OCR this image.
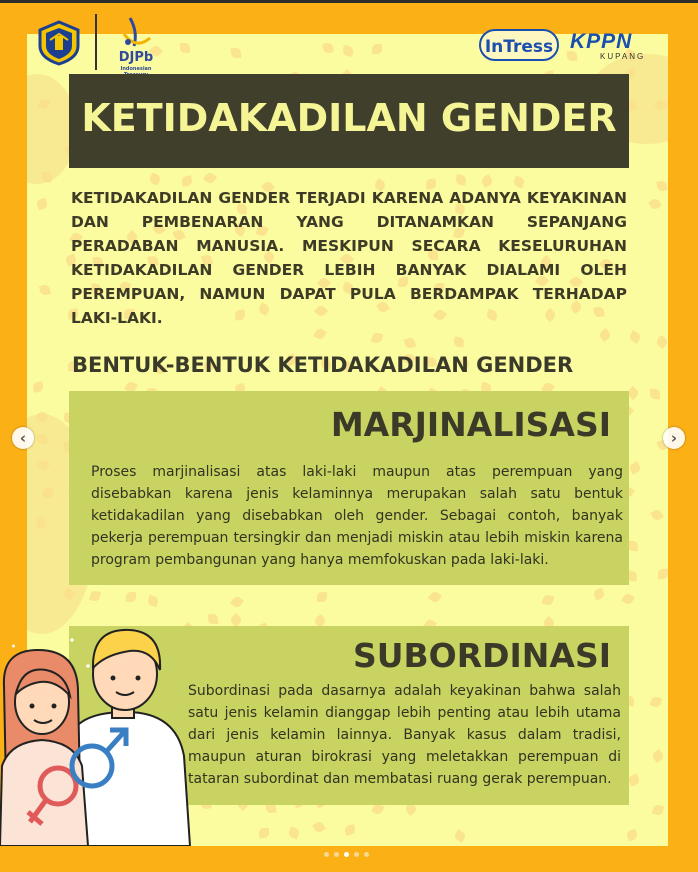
DJPb
Indonesian
InTress KPPN
KUPANG
KETIDAKADILAN GENDER
KETIDAKADILAN GENDER TERJADI KARENA ADANYA KEYAKINAN DAN PEMBENARAN YANG DITANAMKAN SEPANJANG PERADABAN MANUSIA. MESKIPUN SECARA KESELURUHAN KETIDAKADILAN GENDER LEBIH BANYAK DIALAMI OLEH PEREMPUAN, NAMUN DAPAT PULA BERDAMPAK TERHADAP LAKI-LAKI.
BENTUK-BENTUK KETIDAKADILAN GENDER
MARJINALISASI
Proses marjinalisasi atas laki-laki maupun atas perempuan yang disebabkan karena jenis kelaminnya merupakan salah satu bentuk ketidakadilan yang disebabkan oleh gender. Sebagai contoh, banyak pekerja perempuan tersingkir dan menjadi miskin atau lebih miskin karena program pembangunan yang hanya memfokuskan pada laki-laki.
SUBORDINASI
Subordinasi pada dasarnya adalah keyakinan bahwa salah satu jenis kelamin dianggap lebih penting atau lebih utama dari jenis kelamin lainnya. Banyak kasus dalam tradisi, maupun aturan birokrasi yang meletakkan perempuan di tataran subordinat dan membatasi ruang gerak perempuan.
‹	›
